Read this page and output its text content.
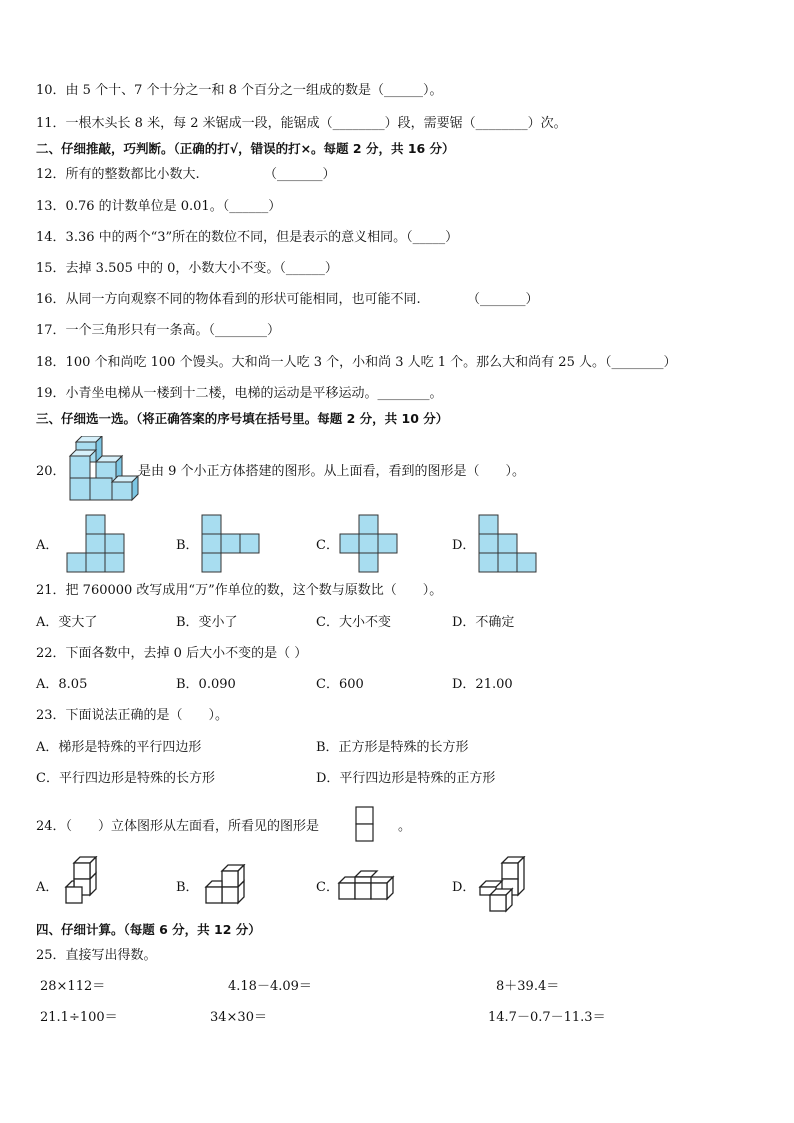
10．由 5 个十、7 个十分之一和 8 个百分之一组成的数是（______）。
11．一根木头长 8 米，每 2 米锯成一段，能锯成（________）段，需要锯（________）次。
二、仔细推敲，巧判断。（正确的打√，错误的打×。每题 2 分，共 16 分）
12．所有的整数都比小数大.	（_______）
13．0.76 的计数单位是 0.01。（______）
14．3.36 中的两个“3”所在的数位不同，但是表示的意义相同。（_____）
15．去掉 3.505 中的 0，小数大小不变。（______）
16．从同一方向观察不同的物体看到的形状可能相同，也可能不同.	（_______）
17．一个三角形只有一条高。（________）
18．100 个和尚吃 100 个馒头。大和尚一人吃 3 个，小和尚 3 人吃 1 个。那么大和尚有 25 人。（________）
19．小青坐电梯从一楼到十二楼，电梯的运动是平移运动。________。
三、仔细选一选。（将正确答案的序号填在括号里。每题 2 分，共 10 分）
20．	是由 9 个小正方体搭建的图形。从上面看，看到的图形是（　　）。
A．	B．	C．	D．
21．把 760000 改写成用“万”作单位的数，这个数与原数比（　　）。
A．变大了	B．变小了	C．大小不变	D．不确定
22．下面各数中，去掉 0 后大小不变的是（ ）
A．8.05	B．0.090	C．600	D．21.00
23．下面说法正确的是（　　）。
A．梯形是特殊的平行四边形	B．正方形是特殊的长方形
C．平行四边形是特殊的长方形	D．平行四边形是特殊的正方形
24．（　　）立体图形从左面看，所看见的图形是	。
A．	B．	C．	D．
四、仔细计算。（每题 6 分，共 12 分）
25．直接写出得数。
28×112＝	4.18－4.09＝	8＋39.4＝
21.1÷100＝	34×30＝	14.7－0.7－11.3＝
